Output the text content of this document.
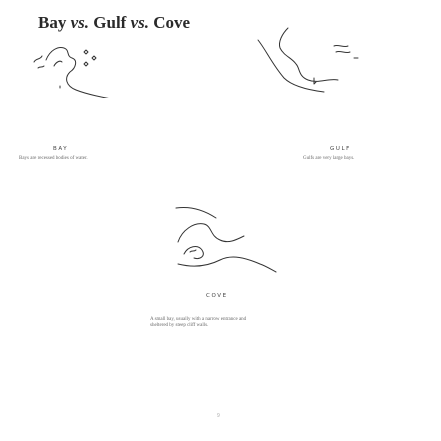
Bay vs. Gulf vs. Cove
BAY
Bays are recessed bodies of water.
GULF
Gulfs are very large bays.
COVE
A small bay, usually with a narrow entrance and sheltered by steep cliff walls.
9
